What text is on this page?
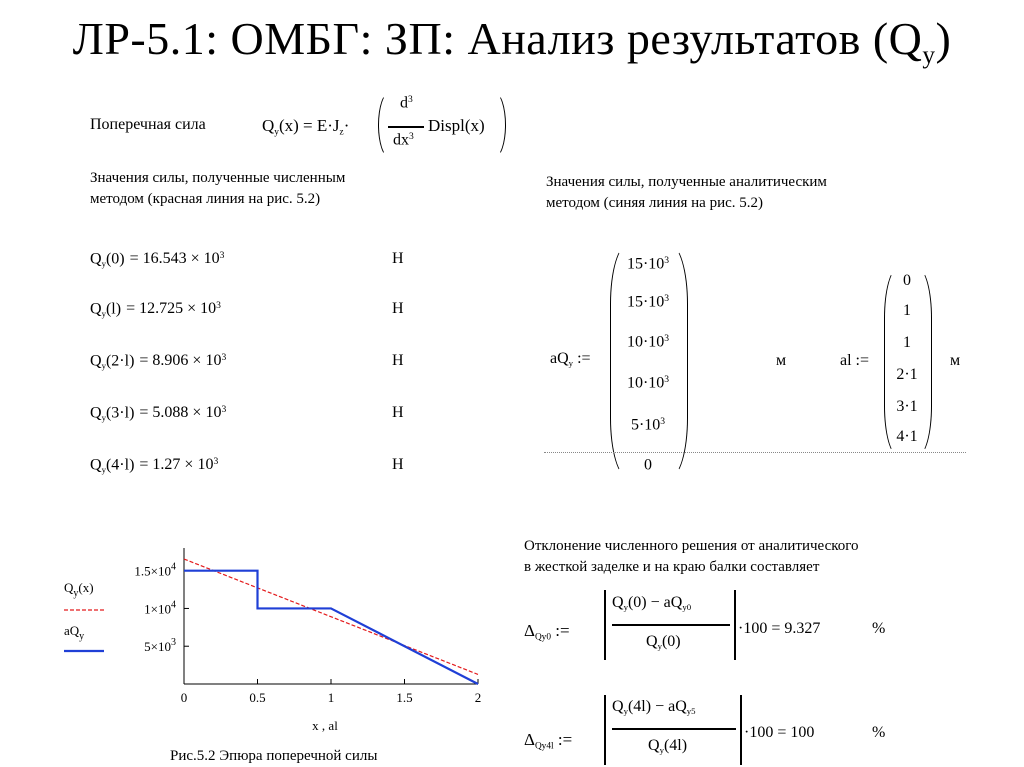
ЛР-5.1: ОМБГ: ЗП: Анализ результатов $(Q_y)$
Поперечная сила	$Q_y(x) = E\cdot J_z\cdot$
$d^3$
$dx^3$
Displ(x)
Значения силы, полученные численным
методом (красная линия на рис. 5.2)
$Q_y(0) = 16.543 \times 10^3$	Н
$Q_y(l) = 12.725 \times 10^3$	Н
$Q_y(2\cdot l) = 8.906 \times 10^3$	Н
$Q_y(3\cdot l) = 5.088 \times 10^3$	Н
$Q_y(4\cdot l) = 1.27 \times 10^3$	Н
Значения силы, полученные аналитическим
методом (синяя линия на рис. 5.2)
$aQ_y$ :=
$15\cdot 10^3$
$15\cdot 10^3$
$10\cdot 10^3$
$10\cdot 10^3$
$5\cdot 10^3$
0
м	al :=
0
1
1
2·1
3·1
4·1
м
0	0.5	1	1.5	2
$1.5\times 10^4$
$1\times 10^4$
$5\times 10^3$
$Q_y(x)$
$aQ_y$
x , al
Рис.5.2 Эпюра поперечной силы
Отклонение численного решения от аналитического
в жесткой заделке и на краю балки составляет
$\Delta_{Qy0}$ :=
$Q_y(0) - aQ_{y0}$
$Q_y(0)$
·100 = 9.327	%
$\Delta_{Qy4l}$ :=
$Q_y(4l) - aQ_{y5}$
$Q_y(4l)$
·100 = 100	%
